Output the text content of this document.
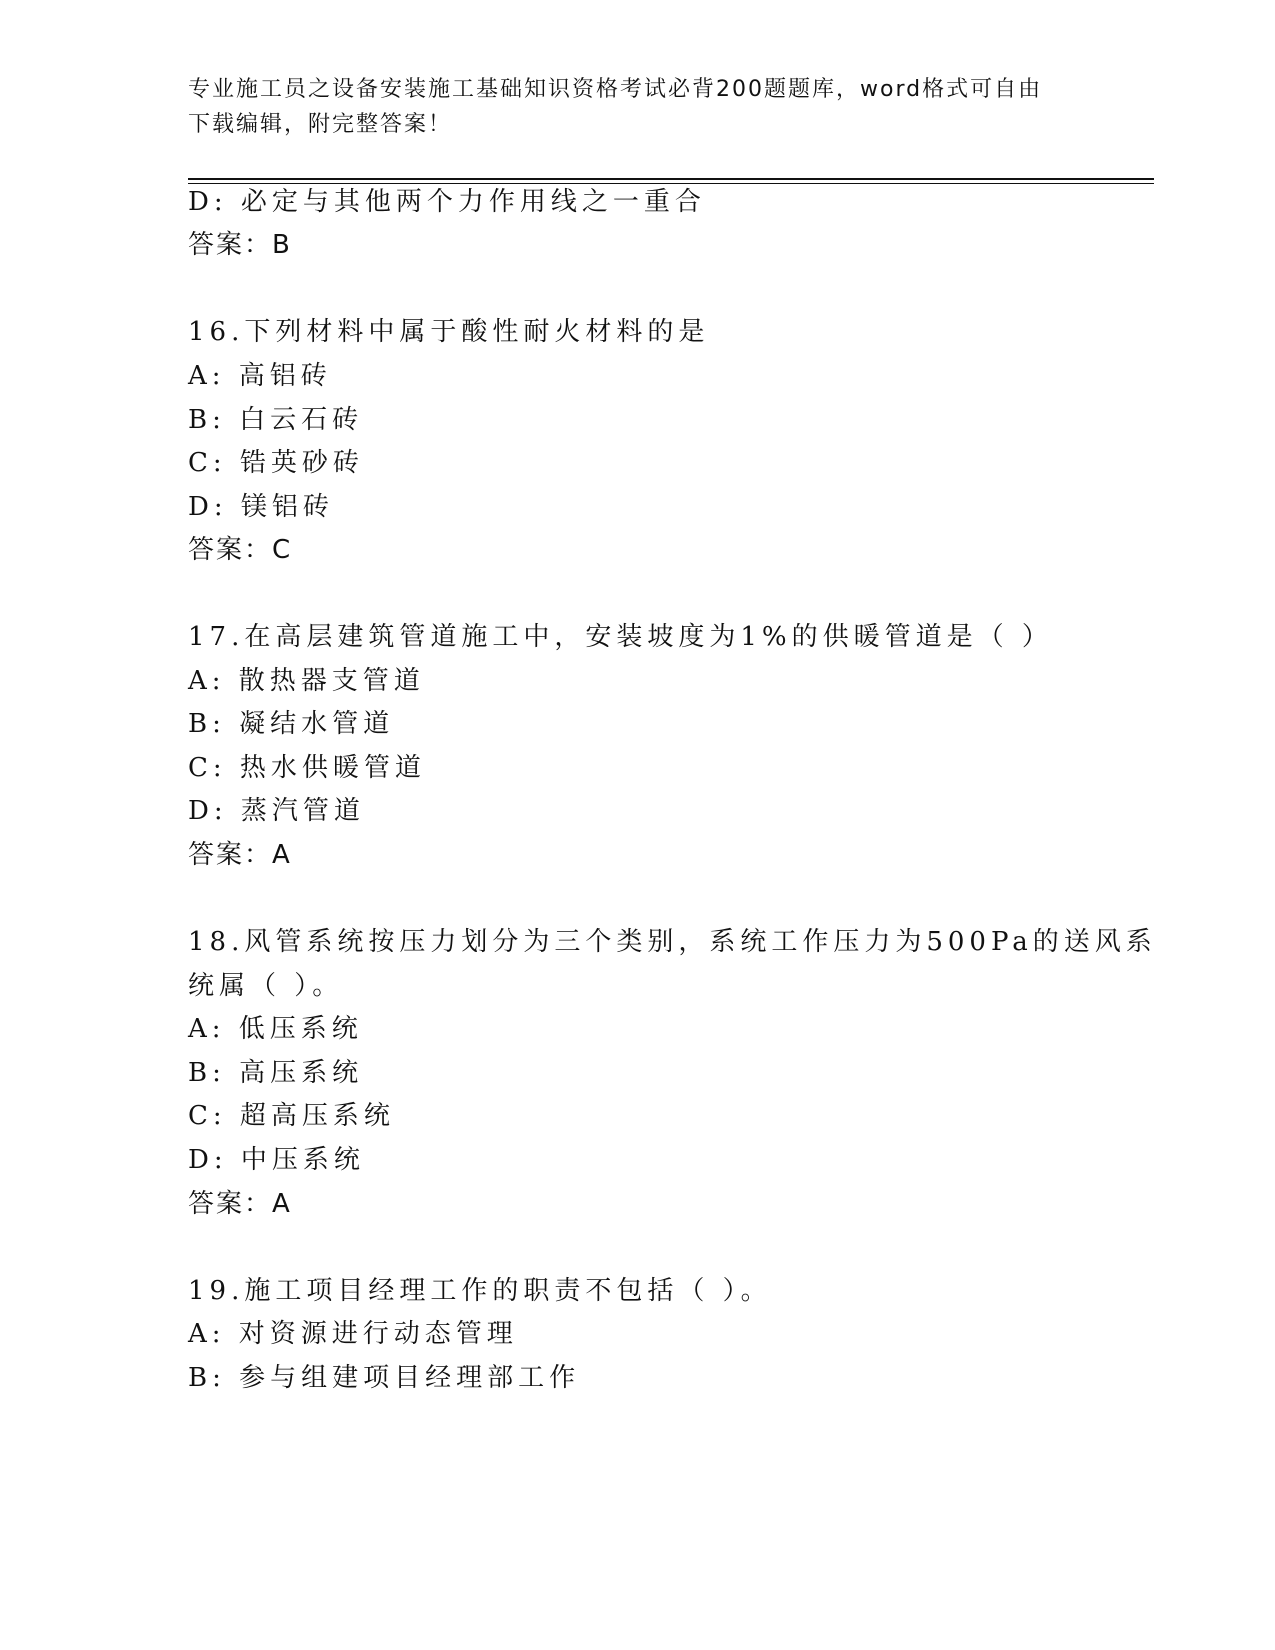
专业施工员之设备安装施工基础知识资格考试必背200题题库，word格式可自由
下载编辑，附完整答案！
D: 必定与其他两个力作用线之一重合
答案：B
16.下列材料中属于酸性耐火材料的是
A: 高铝砖
B: 白云石砖
C: 锆英砂砖
D: 镁铝砖
答案：C
17.在高层建筑管道施工中，安装坡度为1%的供暖管道是（ ）
A: 散热器支管道
B: 凝结水管道
C: 热水供暖管道
D: 蒸汽管道
答案：A
18.风管系统按压力划分为三个类别，系统工作压力为500Pa的送风系
统属（ ）。
A: 低压系统
B: 高压系统
C: 超高压系统
D: 中压系统
答案：A
19.施工项目经理工作的职责不包括（ ）。
A: 对资源进行动态管理
B: 参与组建项目经理部工作
